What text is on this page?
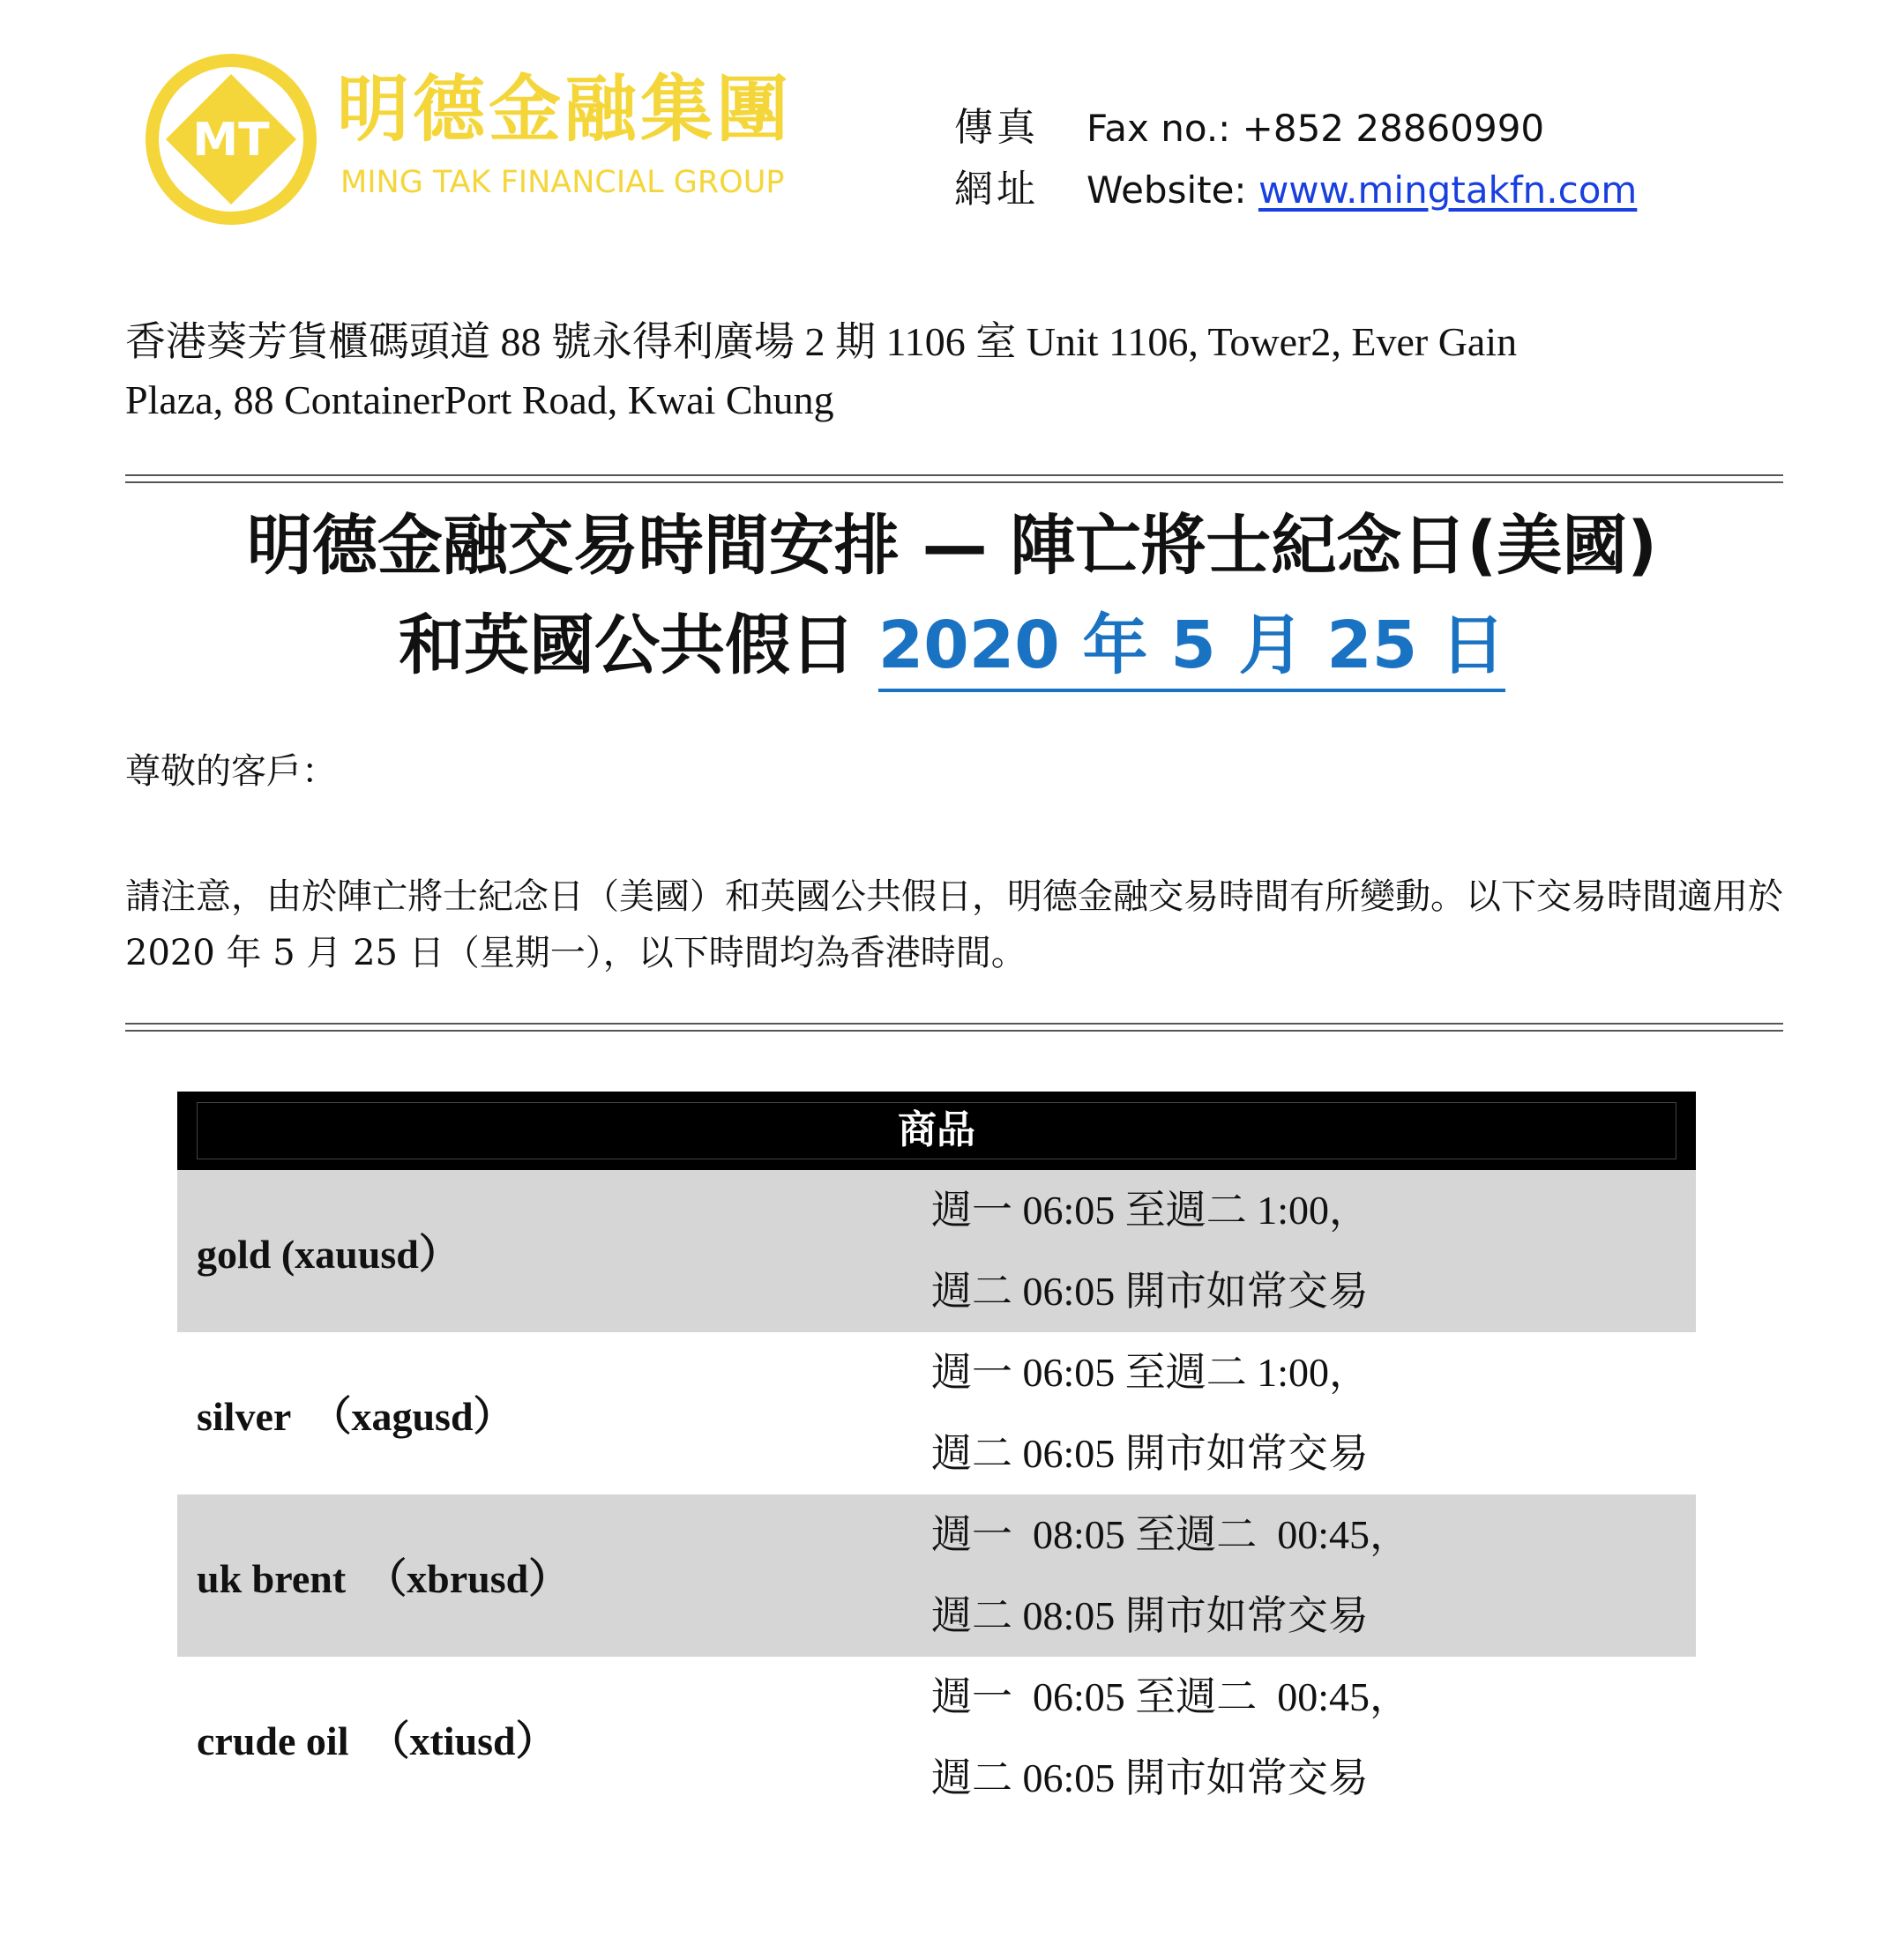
MT 明德金融集團
MING TAK FINANCIAL GROUP
傳真 Fax no.: +852 28860990
網址 Website: www.mingtakfn.com
香港葵芳貨櫃碼頭道 88 號永得利廣場 2 期 1106 室 Unit 1106, Tower2, Ever Gain
Plaza, 88 ContainerPort Road, Kwai Chung
明德金融交易時間安排 — 陣亡將士紀念日(美國)
和英國公共假日 2020 年 5 月 25 日
尊敬的客戶：
請注意，由於陣亡將士紀念日（美國）和英國公共假日，明德金融交易時間有所變動。以下交易時間適用於 2020 年 5 月 25 日（星期一），以下時間均為香港時間。
商品
gold (xauusd）
週一 06:05 至週二 1:00，
週二 06:05 開市如常交易
silver  （xagusd）
週一 06:05 至週二 1:00，
週二 06:05 開市如常交易
uk brent  （xbrusd）
週一  08:05 至週二  00:45，
週二 08:05 開市如常交易
crude oil  （xtiusd）
週一  06:05 至週二  00:45，
週二 06:05 開市如常交易
